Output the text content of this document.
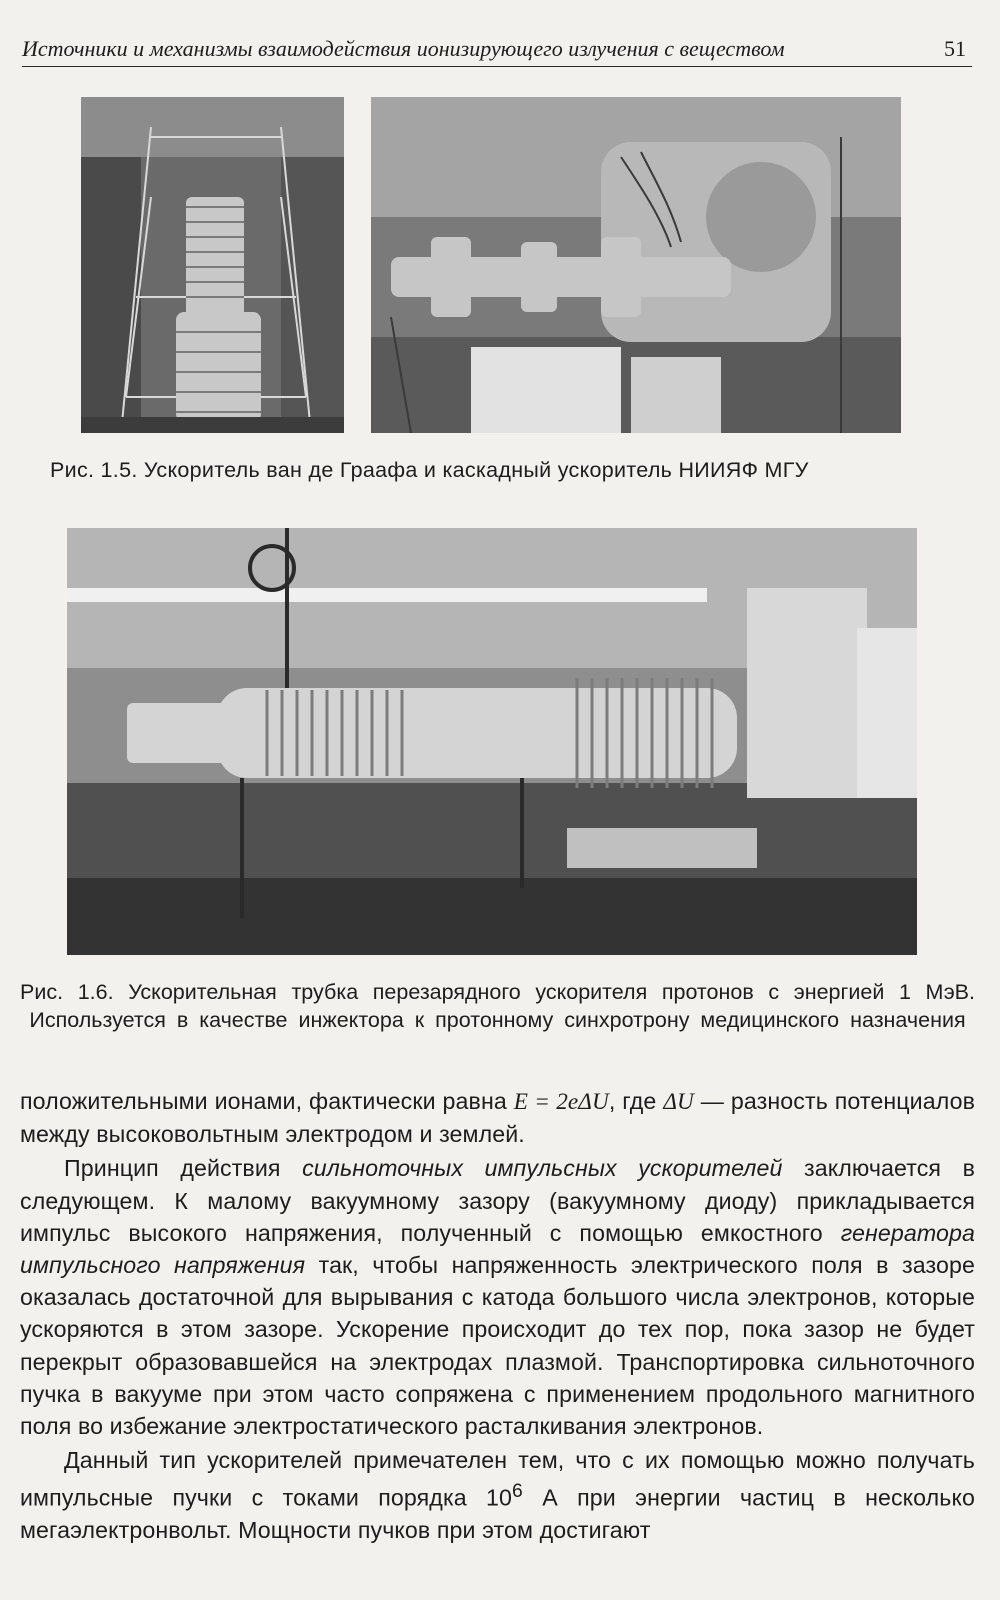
Источники и механизмы взаимодействия ионизирующего излучения с веществом	51
Рис. 1.5. Ускоритель ван де Граафа и каскадный ускоритель НИИЯФ МГУ
Рис. 1.6. Ускорительная трубка перезарядного ускорителя протонов с энергией 1 МэВ. Используется в качестве инжектора к протонному синхротрону медицинского назначения

положительными ионами, фактически равна E = 2eΔU, где ΔU — разность потенциалов между высоковольтным электродом и землей.

Принцип действия сильноточных импульсных ускорителей заключается в следующем. К малому вакуумному зазору (вакуумному диоду) прикладывается импульс высокого напряжения, полученный с помощью емкостного генератора импульсного напряжения так, чтобы напряженность электрического поля в зазоре оказалась достаточной для вырывания с катода большого числа электронов, которые ускоряются в этом зазоре. Ускорение происходит до тех пор, пока зазор не будет перекрыт образовавшейся на электродах плазмой. Транспортировка сильноточного пучка в вакууме при этом часто сопряжена с применением продольного магнитного поля во избежание электростатического расталкивания электронов.

Данный тип ускорителей примечателен тем, что с их помощью можно получать импульсные пучки с токами порядка $10^6$ А при энергии частиц в несколько мегаэлектронвольт. Мощности пучков при этом достигают
